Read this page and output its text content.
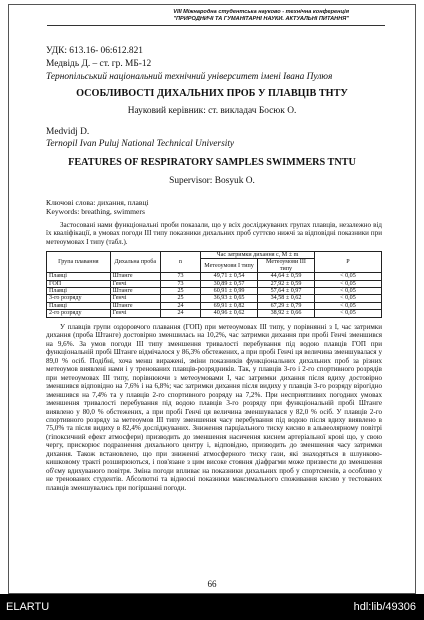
VIII Міжнародна студентська науково - технічна конференція
"ПРИРОДНИЧІ ТА ГУМАНІТАРНІ НАУКИ. АКТУАЛЬНІ ПИТАННЯ"
УДК: 613.16- 06:612.821
Медвідь Д. – ст. гр. МБ-12
Тернопільський національний технічний університет імені Івана Пулюя
ОСОБЛИВОСТІ ДИХАЛЬНИХ ПРОБ У ПЛАВЦІВ ТНТУ
Науковий керівник: ст. викладач Босюк О.
Medvidj D.
Ternopil Ivan Puluj National Technical University
FEATURES OF RESPIRATORY SAMPLES SWIMMERS TNTU
Supervisor: Bosyuk O.
Ключові слова: дихання, плавці
Keywords: breathing, swimmers

Застосовані нами функціональні проби показали, що у всіх досліджуваних групах плавців, незалежно від їх кваліфікації, в умовах погоди ІІІ типу показники дихальних проб суттєво нижчі за відповідні показники при метеоумовах І типу (табл.).

Група плавання	Дихальна проба	n	Час затримки дихання с, М ± m		Р
			Метеоумови І типу	Метеоумови ІІІ типу	
Плавці	Штанге	73	49,71 ± 0,54	44,64 ± 0,59	< 0,05
ГОП	Генчі	73	30,89 ± 0,57	27,92 ± 0,59	< 0,05
Плавці	Штанге	25	60,91 ± 0,99	57,64 ± 0,97	< 0,05
3-го розряду	Генчі	25	36,93 ± 0,65	34,58 ± 0,62	< 0,05
Плавці	Штанге	24	69,91 ± 0,82	67,29 ± 0,79	< 0,05
2-го розряду	Генчі	24	40,96 ± 0,62	38,92 ± 0,66	< 0,05

У плавців групи оздоровчого плавання (ГОП) при метеоумовах ІІІ типу, у порівнянні з І, час затримки дихання (проба Штанге) достовірно зменшилась на 10,2%, час затримки дихання при пробі Генчі зменшився на 9,6%. За умов погоди ІІІ типу зменшення тривалості перебування під водою плавців ГОП при функціональній пробі Штанге відмічалося у 86,3% обстежених, а при пробі Генчі ця величина зменшувалася у 89,0 % осіб. Подібні, хоча менш виражені, зміни показників функціональних дихальних проб за різних метеоумов виявлені нами і у тренованих плавців-розрядників. Так, у плавців 3-го і 2-го спортивного розрядів при метеоумовах ІІІ типу, порівнюючи з метеоумовами І, час затримки дихання після вдиху достовірно зменшився відповідно на 7,6% і на 6,8%; час затримки дихання після видиху у плавців 3-го розряду вірогідно зменшився на 7,4% та у плавців 2-го спортивного розряду на 7,2%. При несприятливих погодних умовах зменшення тривалості перебування під водою плавців 3-го розряду при функціональній пробі Штанге виявлено у 80,0 % обстежених, а при пробі Генчі ця величина зменшувалася у 82,0 % осіб. У плавців 2-го спортивного розряду за метеоумов ІІІ типу зменшення часу перебування під водою після вдиху виявлено в 75,0% та після видиху в 82,4% досліджуваних. Зниження парціального тиску кисню в альвеолярному повітрі (гіпоксичний ефект атмосфери) призводить до зменшення насичення киснем артеріальної крові що, у свою чергу, прискорює подразнення дихального центру і, відповідно, призводить до зменшення часу затримки дихання. Також встановлено, що при зниженні атмосферного тиску гази, які знаходяться в шлунково-кишковому тракті розширюються, і пов'язане з цим високе стояння діафрагми може призвести до зменшення об'єму вдихуваного повітря. Зміна погоди впливає на показники дихальних проб у спортсменів, а особливо у не тренованих студентів. Абсолютні та відносні показники максимального споживання кисню у тестованих плавців зменшувались при погіршанні погоди.

66
ELARTU	hdl:lib/49306
